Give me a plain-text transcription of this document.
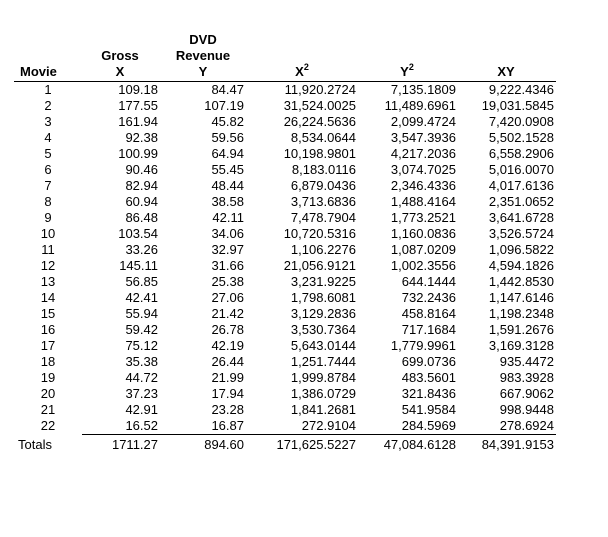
		DVD			
	Gross	Revenue			
Movie	X	Y	$X^2$	$Y^2$	XY
1	109.18	84.47	11,920.2724	7,135.1809	9,222.4346
2	177.55	107.19	31,524.0025	11,489.6961	19,031.5845
3	161.94	45.82	26,224.5636	2,099.4724	7,420.0908
4	92.38	59.56	8,534.0644	3,547.3936	5,502.1528
5	100.99	64.94	10,198.9801	4,217.2036	6,558.2906
6	90.46	55.45	8,183.0116	3,074.7025	5,016.0070
7	82.94	48.44	6,879.0436	2,346.4336	4,017.6136
8	60.94	38.58	3,713.6836	1,488.4164	2,351.0652
9	86.48	42.11	7,478.7904	1,773.2521	3,641.6728
10	103.54	34.06	10,720.5316	1,160.0836	3,526.5724
11	33.26	32.97	1,106.2276	1,087.0209	1,096.5822
12	145.11	31.66	21,056.9121	1,002.3556	4,594.1826
13	56.85	25.38	3,231.9225	644.1444	1,442.8530
14	42.41	27.06	1,798.6081	732.2436	1,147.6146
15	55.94	21.42	3,129.2836	458.8164	1,198.2348
16	59.42	26.78	3,530.7364	717.1684	1,591.2676
17	75.12	42.19	5,643.0144	1,779.9961	3,169.3128
18	35.38	26.44	1,251.7444	699.0736	935.4472
19	44.72	21.99	1,999.8784	483.5601	983.3928
20	37.23	17.94	1,386.0729	321.8436	667.9062
21	42.91	23.28	1,841.2681	541.9584	998.9448
22	16.52	16.87	272.9104	284.5969	278.6924
Totals	1711.27	894.60	171,625.5227	47,084.6128	84,391.9153
